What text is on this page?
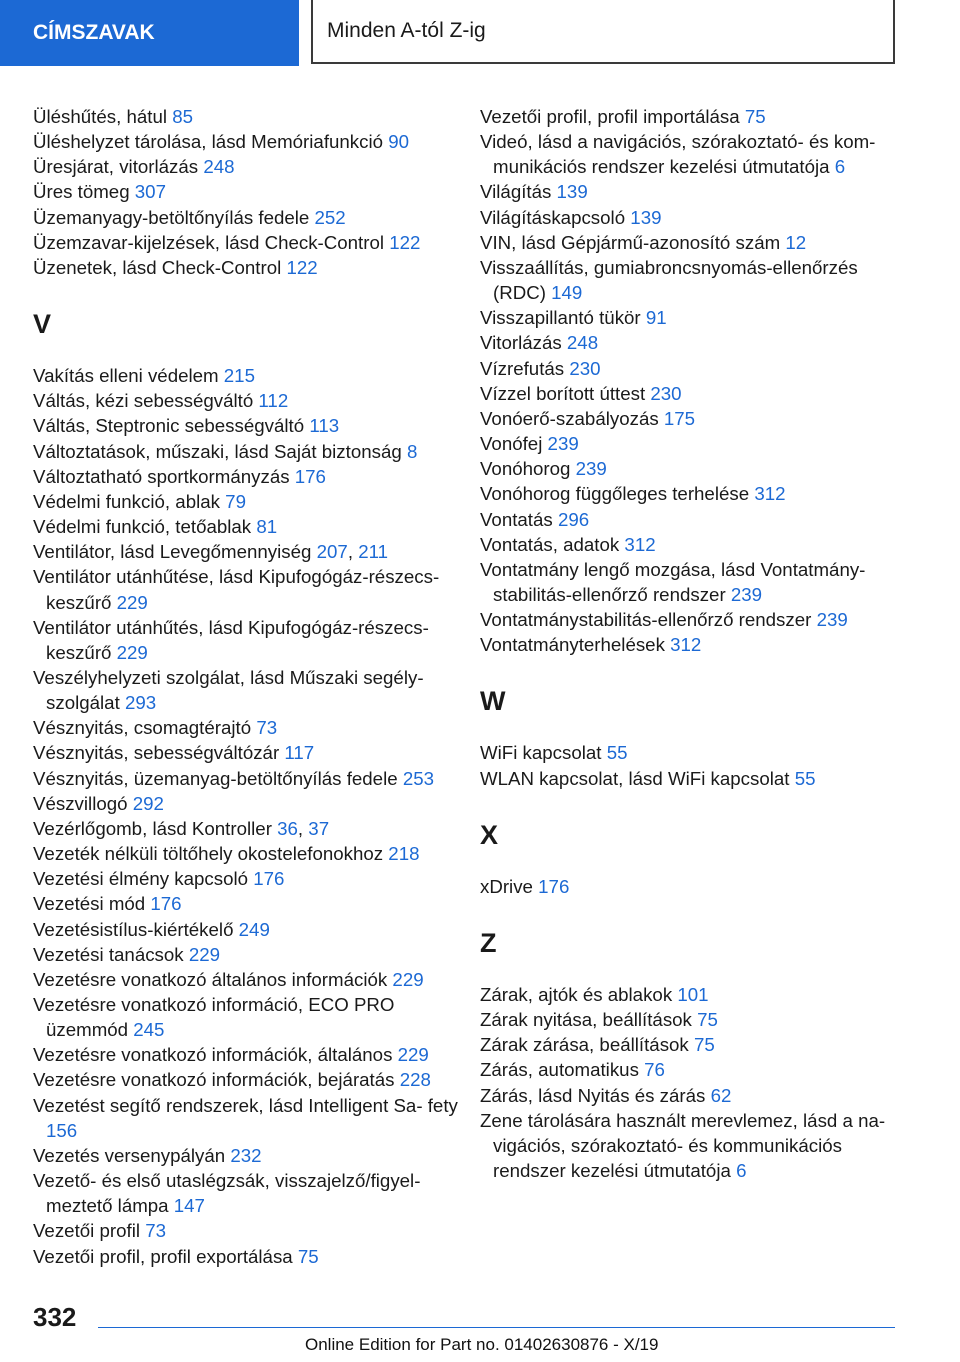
CÍMSZAVAK	Minden A-tól Z-ig

Üléshűtés, hátul 85

Üléshelyzet tárolása, lásd Memóriafunkció 90

Üresjárat, vitorlázás 248

Üres tömeg 307

Üzemanyagy-betöltőnyílás fedele 252

Üzemzavar-kijelzések, lásd Check-Control 122

Üzenetek, lásd Check-Control 122

V

Vakítás elleni védelem 215

Váltás, kézi sebességváltó 112

Váltás, Steptronic sebességváltó 113

Változtatások, műszaki, lásd Saját biztonság 8

Változtatható sportkormányzás 176

Védelmi funkció, ablak 79

Védelmi funkció, tetőablak 81

Ventilátor, lásd Levegőmennyiség 207, 211

Ventilátor utánhűtése, lásd Kipufogógáz-részecs‐ keszűrő 229

Ventilátor utánhűtés, lásd Kipufogógáz-részecs‐ keszűrő 229

Veszélyhelyzeti szolgálat, lásd Műszaki segély‐ szolgálat 293

Vésznyitás, csomagtérajtó 73

Vésznyitás, sebességváltózár 117

Vésznyitás, üzemanyag-betöltőnyílás fedele 253

Vészvillogó 292

Vezérlőgomb, lásd Kontroller 36, 37

Vezeték nélküli töltőhely okostelefonokhoz 218

Vezetési élmény kapcsoló 176

Vezetési mód 176

Vezetésistílus-kiértékelő 249

Vezetési tanácsok 229

Vezetésre vonatkozó általános információk 229

Vezetésre vonatkozó információ, ECO PRO üzemmód 245

Vezetésre vonatkozó információk, általános 229

Vezetésre vonatkozó információk, bejáratás 228

Vezetést segítő rendszerek, lásd Intelligent Sa‐ fety 156

Vezetés versenypályán 232

Vezető- és első utaslégzsák, visszajelző/figyel‐ meztető lámpa 147

Vezetői profil 73

Vezetői profil, profil exportálása 75

Vezetői profil, profil importálása 75

Videó, lásd a navigációs, szórakoztató- és kom‐ munikációs rendszer kezelési útmutatója 6

Világítás 139

Világításkapcsoló 139

VIN, lásd Gépjármű-azonosító szám 12

Visszaállítás, gumiabroncsnyomás-ellenőrzés (RDC) 149

Visszapillantó tükör 91

Vitorlázás 248

Vízrefutás 230

Vízzel borított úttest 230

Vonóerő-szabályozás 175

Vonófej 239

Vonóhorog 239

Vonóhorog függőleges terhelése 312

Vontatás 296

Vontatás, adatok 312

Vontatmány lengő mozgása, lásd Vontatmány‐ stabilitás-ellenőrző rendszer 239

Vontatmánystabilitás-ellenőrző rendszer 239

Vontatmányterhelések 312

W

WiFi kapcsolat 55

WLAN kapcsolat, lásd WiFi kapcsolat 55

X

xDrive 176

Z

Zárak, ajtók és ablakok 101

Zárak nyitása, beállítások 75

Zárak zárása, beállítások 75

Zárás, automatikus 76

Zárás, lásd Nyitás és zárás 62

Zene tárolására használt merevlemez, lásd a na‐ vigációs, szórakoztató- és kommunikációs rendszer kezelési útmutatója 6

332
Online Edition for Part no. 01402630876 - X/19
